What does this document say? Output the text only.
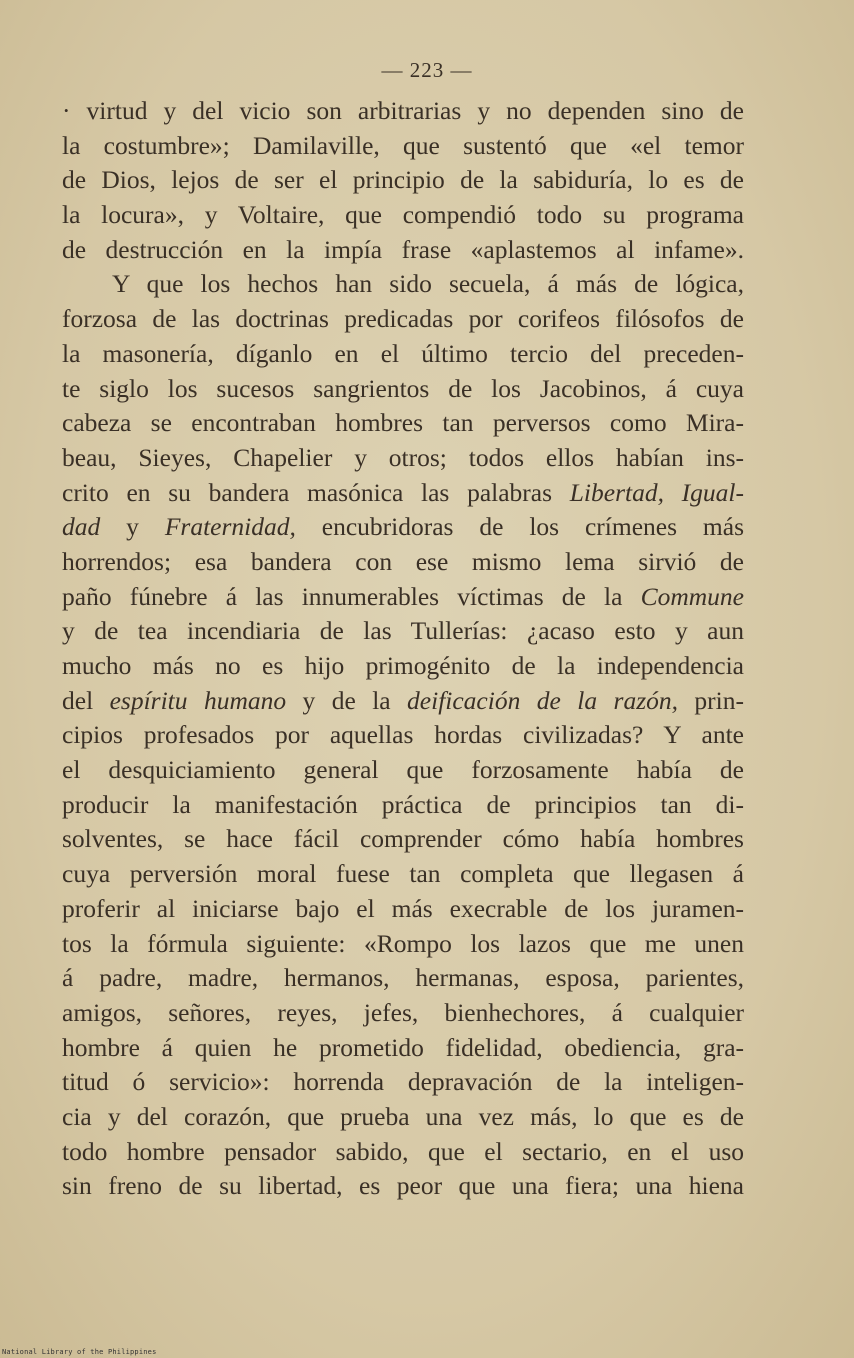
— 223 —
· virtud y del vicio son arbitrarias y no dependen sino de
la costumbre»; Damilaville, que sustentó que «el temor
de Dios, lejos de ser el principio de la sabiduría, lo es de
la locura», y Voltaire, que compendió todo su programa
de destrucción en la impía frase «aplastemos al infame».
Y que los hechos han sido secuela, á más de lógica,
forzosa de las doctrinas predicadas por corifeos filósofos de
la masonería, díganlo en el último tercio del preceden-
te siglo los sucesos sangrientos de los Jacobinos, á cuya
cabeza se encontraban hombres tan perversos como Mira-
beau, Sieyes, Chapelier y otros; todos ellos habían ins-
crito en su bandera masónica las palabras Libertad, Igual-
dad y Fraternidad, encubridoras de los crímenes más
horrendos; esa bandera con ese mismo lema sirvió de
paño fúnebre á las innumerables víctimas de la Commune
y de tea incendiaria de las Tullerías: ¿acaso esto y aun
mucho más no es hijo primogénito de la independencia
del espíritu humano y de la deificación de la razón, prin-
cipios profesados por aquellas hordas civilizadas? Y ante
el desquiciamiento general que forzosamente había de
producir la manifestación práctica de principios tan di-
solventes, se hace fácil comprender cómo había hombres
cuya perversión moral fuese tan completa que llegasen á
proferir al iniciarse bajo el más execrable de los juramen-
tos la fórmula siguiente: «Rompo los lazos que me unen
á padre, madre, hermanos, hermanas, esposa, parientes,
amigos, señores, reyes, jefes, bienhechores, á cualquier
hombre á quien he prometido fidelidad, obediencia, gra-
titud ó servicio»: horrenda depravación de la inteligen-
cia y del corazón, que prueba una vez más, lo que es de
todo hombre pensador sabido, que el sectario, en el uso
sin freno de su libertad, es peor que una fiera; una hiena
National Library of the Philippines
